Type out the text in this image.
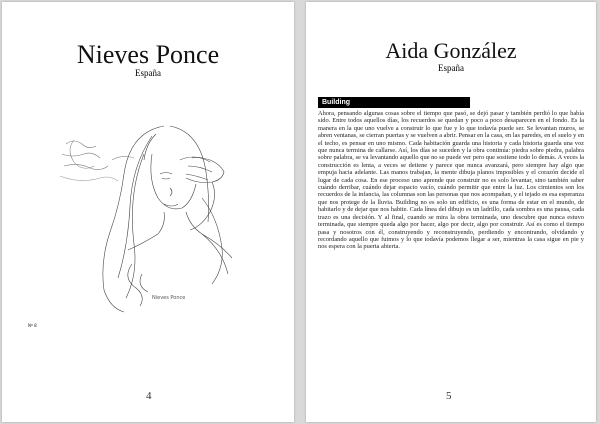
Nieves Ponce
España
Nieves Ponce
Nº 8
4
Aida González
España
Building

Ahora, pensando algunas cosas sobre el tiempo que pasó, se dejó pasar y también perdió lo que había sido. Entre todos aquellos días, los recuerdos se quedan y poco a poco desaparecen en el fondo. Es la manera en la que uno vuelve a construir lo que fue y lo que todavía puede ser. Se levantan muros, se abren ventanas, se cierran puertas y se vuelven a abrir. Pensar en la casa, en las paredes, en el suelo y en el techo, es pensar en uno mismo. Cada habitación guarda una historia y cada historia guarda una voz que nunca termina de callarse. Así, los días se suceden y la obra continúa: piedra sobre piedra, palabra sobre palabra, se va levantando aquello que no se puede ver pero que sostiene todo lo demás. A veces la construcción es lenta, a veces se detiene y parece que nunca avanzará, pero siempre hay algo que empuja hacia adelante. Las manos trabajan, la mente dibuja planos imposibles y el corazón decide el lugar de cada cosa. En ese proceso uno aprende que construir no es solo levantar, sino también saber cuándo derribar, cuándo dejar espacio vacío, cuándo permitir que entre la luz. Los cimientos son los recuerdos de la infancia, las columnas son las personas que nos acompañan, y el tejado es esa esperanza que nos protege de la lluvia. Building no es solo un edificio, es una forma de estar en el mundo, de habitarlo y de dejar que nos habite. Cada línea del dibujo es un ladrillo, cada sombra es una pausa, cada trazo es una decisión. Y al final, cuando se mira la obra terminada, uno descubre que nunca estuvo terminada, que siempre queda algo por hacer, algo por decir, algo por construir. Así es como el tiempo pasa y nosotros con él, construyendo y reconstruyendo, perdiendo y encontrando, olvidando y recordando aquello que fuimos y lo que todavía podemos llegar a ser, mientras la casa sigue en pie y nos espera con la puerta abierta.

5
